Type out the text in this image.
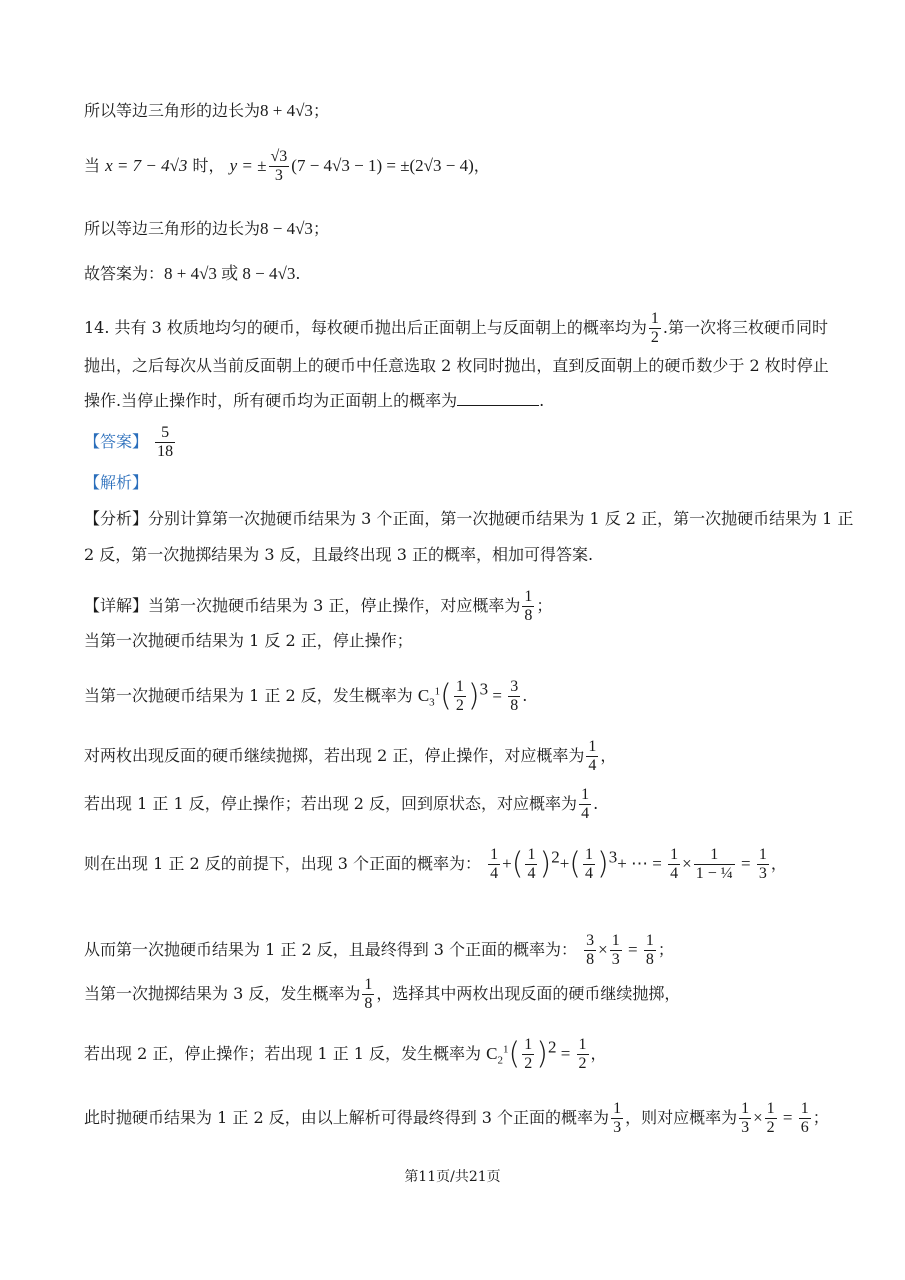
所以等边三角形的边长为8 + 4√3；
当 x = 7 − 4√3 时， y = ± $\frac{√3}{3} (7 - 4√3 - 1) = \pm(2√3 - 4)$，
所以等边三角形的边长为8 − 4√3；
故答案为：8 + 4√3 或 8 − 4√3.
14. 共有 3 枚质地均匀的硬币，每枚硬币抛出后正面朝上与反面朝上的概率均为 $\frac{1}{2}$ .第一次将三枚硬币同时
抛出，之后每次从当前反面朝上的硬币中任意选取 2 枚同时抛出，直到反面朝上的硬币数少于 2 枚时停止
操作.当停止操作时，所有硬币均为正面朝上的概率为	.
【答案】 $\frac{5}{18}$
【解析】
【分析】分别计算第一次抛硬币结果为 3 个正面，第一次抛硬币结果为 1 反 2 正，第一次抛硬币结果为 1 正
2 反，第一次抛掷结果为 3 反，且最终出现 3 正的概率，相加可得答案.
【详解】当第一次抛硬币结果为 3 正，停止操作，对应概率为 $\frac{1}{8}$ ；
当第一次抛硬币结果为 1 反 2 正，停止操作；
当第一次抛硬币结果为 1 正 2 反，发生概率为 $C_3^1( \frac{1}{2} )^3 = \frac{3}{8}$ .
对两枚出现反面的硬币继续抛掷，若出现 2 正，停止操作，对应概率为 $\frac{1}{4}$ ，
若出现 1 正 1 反，停止操作；若出现 2 反，回到原状态，对应概率为 $\frac{1}{4}$ .
则在出现 1 正 2 反的前提下，出现 3 个正面的概率为： $\frac{1}{4}$ +( $\frac{1}{4} )^2+( \frac{1}{4} )^3+$ ⋯ = $\frac{1}{4} \times \frac{1}{\text{1 − ¼}} = \frac{1}{3}$ ，
从而第一次抛硬币结果为 1 正 2 反，且最终得到 3 个正面的概率为： $\frac{3}{8} \times \frac{1}{3} = \frac{1}{8}$ ；
当第一次抛掷结果为 3 反，发生概率为 $\frac{1}{8}$ ，选择其中两枚出现反面的硬币继续抛掷，
若出现 2 正，停止操作；若出现 1 正 1 反，发生概率为 $C_2^1( \frac{1}{2} )^2 = \frac{1}{2}$ ，
此时抛硬币结果为 1 正 2 反，由以上解析可得最终得到 3 个正面的概率为 $\frac{1}{3}$ ，则对应概率为 $\frac{1}{3} \times \frac{1}{2} = \frac{1}{6}$ ；
第11页/共21页
